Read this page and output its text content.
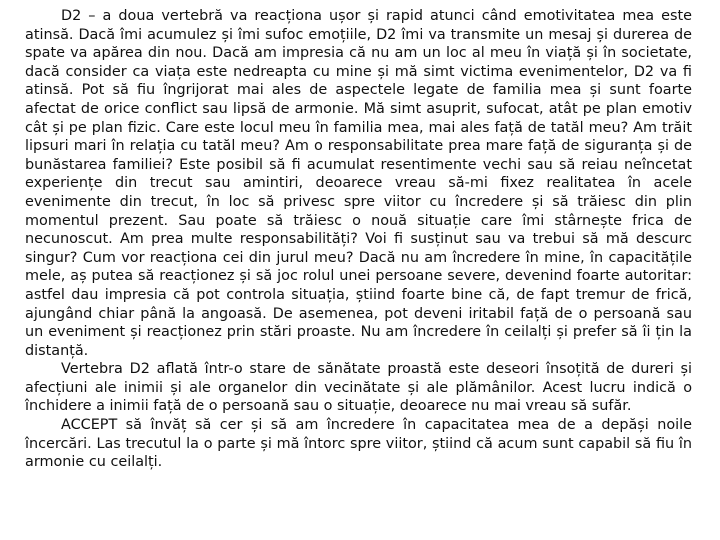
D2 – a doua vertebră va reacționa ușor și rapid atunci când emotivitatea mea este atinsă. Dacă îmi acumulez și îmi sufoc emoțiile, D2 îmi va transmite un mesaj și durerea de spate va apărea din nou. Dacă am impresia că nu am un loc al meu în viață și în societate, dacă consider ca viața este nedreapta cu mine și mă simt victima evenimentelor, D2 va fi atinsă. Pot să fiu îngrijorat mai ales de aspectele legate de familia mea și sunt foarte afectat de orice conflict sau lipsă de armonie. Mă simt asuprit, sufocat, atât pe plan emotiv cât și pe plan fizic. Care este locul meu în familia mea, mai ales față de tatăl meu? Am trăit lipsuri mari în relația cu tatăl meu? Am o responsabilitate prea mare față de siguranța și de bunăstarea familiei? Este posibil să fi acumulat resentimente vechi sau să reiau neîncetat experiențe din trecut sau amintiri, deoarece vreau să-mi fixez realitatea în acele evenimente din trecut, în loc să privesc spre viitor cu încredere și să trăiesc din plin momentul prezent. Sau poate să trăiesc o nouă situație care îmi stârnește frica de necunoscut. Am prea multe responsabilități? Voi fi susținut sau va trebui să mă descurc singur? Cum vor reacționa cei din jurul meu? Dacă nu am încredere în mine, în capacitățile mele, aș putea să reacționez și să joc rolul unei persoane severe, devenind foarte autoritar: astfel dau impresia că pot controla situația, știind foarte bine că, de fapt tremur de frică, ajungând chiar până la angoasă. De asemenea, pot deveni iritabil față de o persoană sau un eveniment și reacționez prin stări proaste. Nu am încredere în ceilalți și prefer să îi țin la distanță.

Vertebra D2 aflată într-o stare de sănătate proastă este deseori însoțită de dureri și afecțiuni ale inimii și ale organelor din vecinătate și ale plămânilor. Acest lucru indică o închidere a inimii față de o persoană sau o situație, deoarece nu mai vreau să sufăr.

ACCEPT să învăț să cer și să am încredere în capacitatea mea de a depăși noile încercări. Las trecutul la o parte și mă întorc spre viitor, știind că acum sunt capabil să fiu în armonie cu ceilalți.
